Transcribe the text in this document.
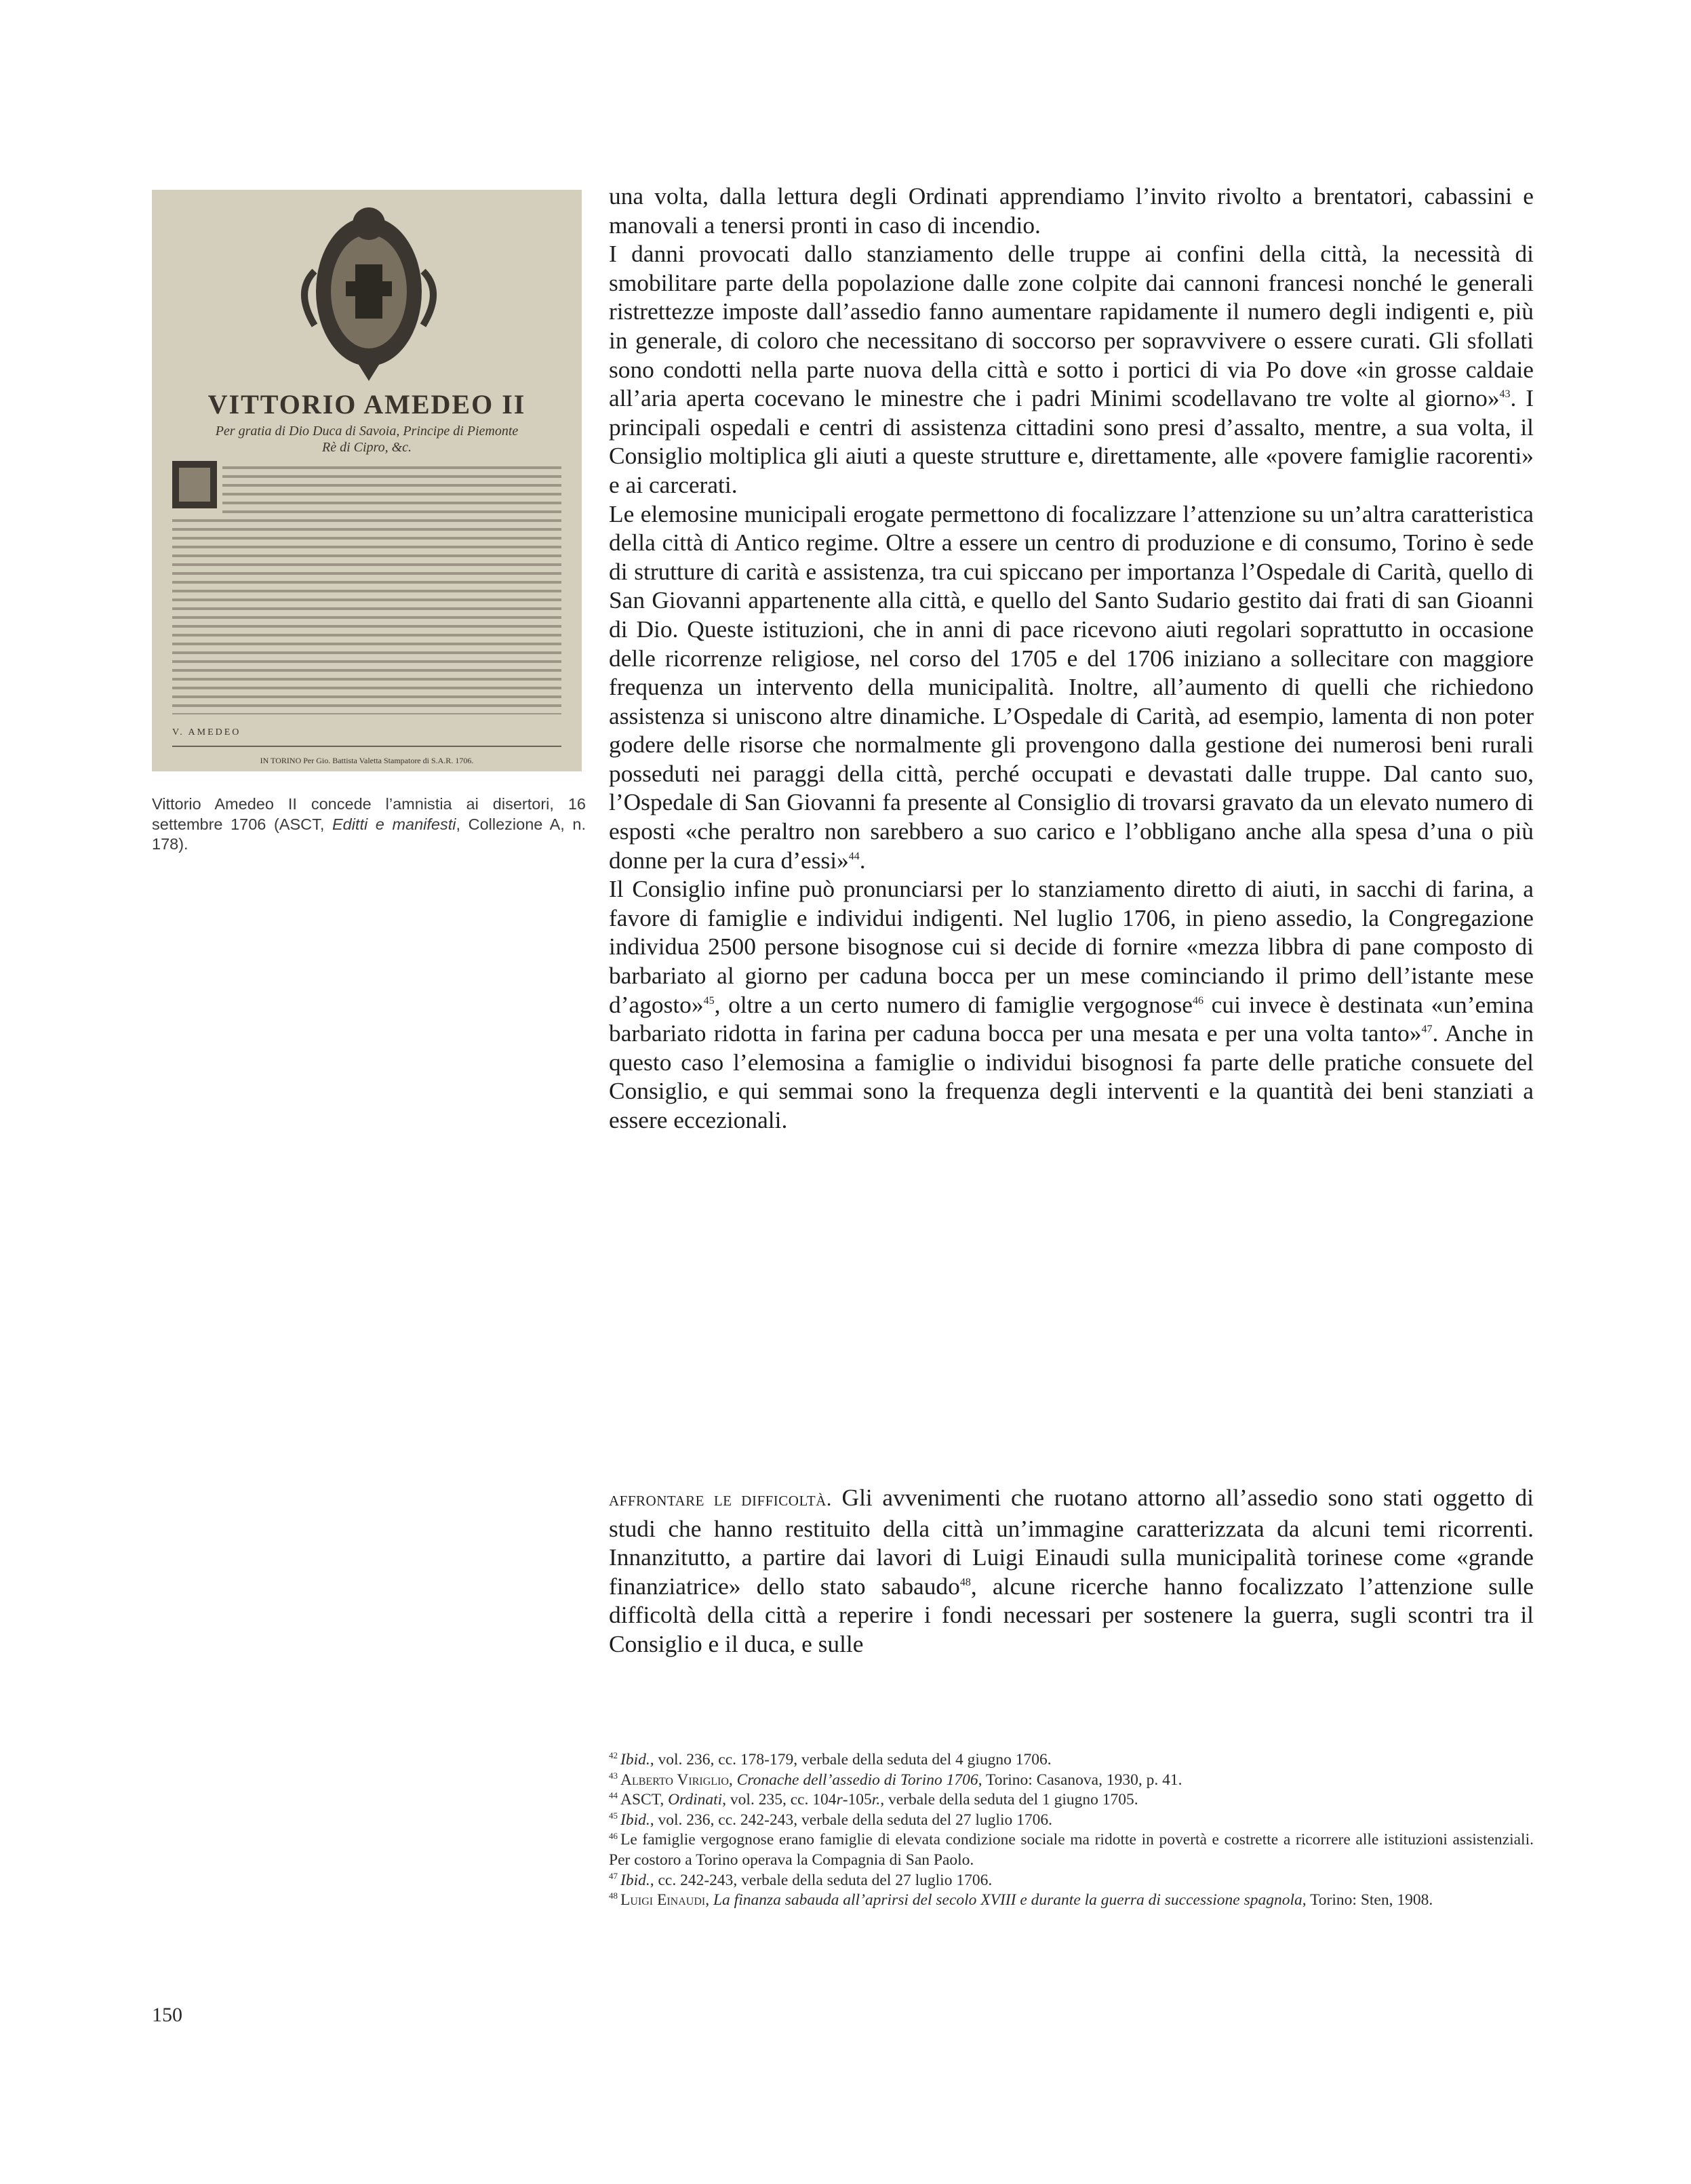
VITTORIO AMEDEO II
Per gratia di Dio Duca di Savoia, Principe di Piemonte
Rè di Cipro, &c.
V. AMEDEO
IN TORINO Per Gio. Battista Valetta Stampatore di S.A.R. 1706.
Vittorio Amedeo II concede l’amnistia ai disertori, 16 settembre 1706 (ASCT, Editti e manifesti, Collezione A, n. 178).

una volta, dalla lettura degli Ordinati apprendiamo l’invito rivolto a brentatori, cabassini e manovali a tenersi pronti in caso di incendio.

I danni provocati dallo stanziamento delle truppe ai confini della città, la necessità di smobilitare parte della popolazione dalle zone colpite dai cannoni francesi nonché le generali ristrettezze imposte dall’assedio fanno aumentare rapidamente il numero degli indigenti e, più in generale, di coloro che necessitano di soccorso per sopravvivere o essere curati. Gli sfollati sono condotti nella parte nuova della città e sotto i portici di via Po dove «in grosse caldaie all’aria aperta cocevano le minestre che i padri Minimi scodellavano tre volte al giorno»$^{43}$. I principali ospedali e centri di assistenza cittadini sono presi d’assalto, mentre, a sua volta, il Consiglio moltiplica gli aiuti a queste strutture e, direttamente, alle «povere famiglie racorenti» e ai carcerati.

Le elemosine municipali erogate permettono di focalizzare l’attenzione su un’altra caratteristica della città di Antico regime. Oltre a essere un centro di produzione e di consumo, Torino è sede di strutture di carità e assistenza, tra cui spiccano per importanza l’Ospedale di Carità, quello di San Giovanni appartenente alla città, e quello del Santo Sudario gestito dai frati di san Gioanni di Dio. Queste istituzioni, che in anni di pace ricevono aiuti regolari soprattutto in occasione delle ricorrenze religiose, nel corso del 1705 e del 1706 iniziano a sollecitare con maggiore frequenza un intervento della municipalità. Inoltre, all’aumento di quelli che richiedono assistenza si uniscono altre dinamiche. L’Ospedale di Carità, ad esempio, lamenta di non poter godere delle risorse che normalmente gli provengono dalla gestione dei numerosi beni rurali posseduti nei paraggi della città, perché occupati e devastati dalle truppe. Dal canto suo, l’Ospedale di San Giovanni fa presente al Consiglio di trovarsi gravato da un elevato numero di esposti «che peraltro non sarebbero a suo carico e l’obbligano anche alla spesa d’una o più donne per la cura d’essi»$^{44}$.

Il Consiglio infine può pronunciarsi per lo stanziamento diretto di aiuti, in sacchi di farina, a favore di famiglie e individui indigenti. Nel luglio 1706, in pieno assedio, la Congregazione individua 2500 persone bisognose cui si decide di fornire «mezza libbra di pane composto di barbariato al giorno per caduna bocca per un mese cominciando il primo dell’istante mese d’agosto»$^{45}$, oltre a un certo numero di famiglie vergognose$^{46}$ cui invece è destinata «un’emina barbariato ridotta in farina per caduna bocca per una mesata e per una volta tanto»$^{47}$. Anche in questo caso l’elemosina a famiglie o individui bisognosi fa parte delle pratiche consuete del Consiglio, e qui semmai sono la frequenza degli interventi e la quantità dei beni stanziati a essere eccezionali.

affrontare le difficoltà. Gli avvenimenti che ruotano attorno all’assedio sono stati oggetto di studi che hanno restituito della città un’immagine caratterizzata da alcuni temi ricorrenti. Innanzitutto, a partire dai lavori di Luigi Einaudi sulla municipalità torinese come «grande finanziatrice» dello stato sabaudo$^{48}$, alcune ricerche hanno focalizzato l’attenzione sulle difficoltà della città a reperire i fondi necessari per sostenere la guerra, sugli scontri tra il Consiglio e il duca, e sulle

$^{42}$ Ibid., vol. 236, cc. 178-179, verbale della seduta del 4 giugno 1706.

$^{43}$ Alberto Viriglio, Cronache dell’assedio di Torino 1706, Torino: Casanova, 1930, p. 41.

$^{44}$ ASCT, Ordinati, vol. 235, cc. 104r-105r., verbale della seduta del 1 giugno 1705.

$^{45}$ Ibid., vol. 236, cc. 242-243, verbale della seduta del 27 luglio 1706.

$^{46}$ Le famiglie vergognose erano famiglie di elevata condizione sociale ma ridotte in povertà e costrette a ricorrere alle istituzioni assistenziali. Per costoro a Torino operava la Compagnia di San Paolo.

$^{47}$ Ibid., cc. 242-243, verbale della seduta del 27 luglio 1706.

$^{48}$ Luigi Einaudi, La finanza sabauda all’aprirsi del secolo XVIII e durante la guerra di successione spagnola, Torino: Sten, 1908.

150
